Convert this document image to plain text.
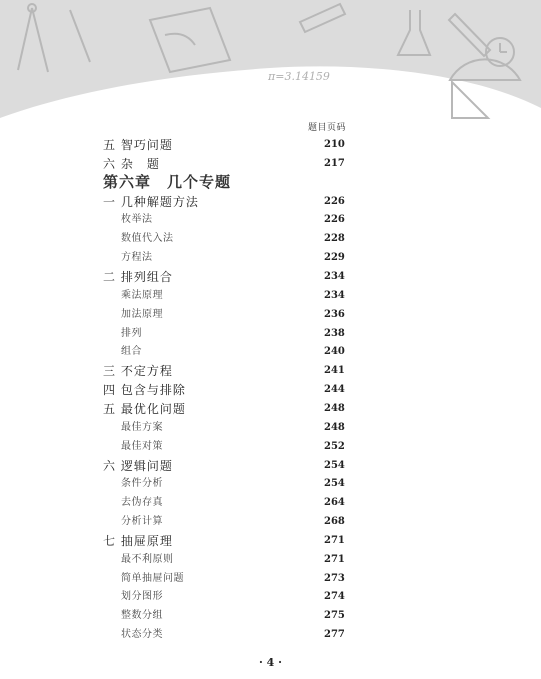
π=3.14159
题目页码
五 智巧问题	210
六 杂　题	217
第六章　几个专题
一 几种解题方法	226
枚举法	226
数值代入法	228
方程法	229
二 排列组合	234
乘法原理	234
加法原理	236
排列	238
组合	240
三 不定方程	241
四 包含与排除	244
五 最优化问题	248
最佳方案	248
最佳对策	252
六 逻辑问题	254
条件分析	254
去伪存真	264
分析计算	268
七 抽屉原理	271
最不利原则	271
简单抽屉问题	273
划分图形	274
整数分组	275
状态分类	277
· 4 ·
